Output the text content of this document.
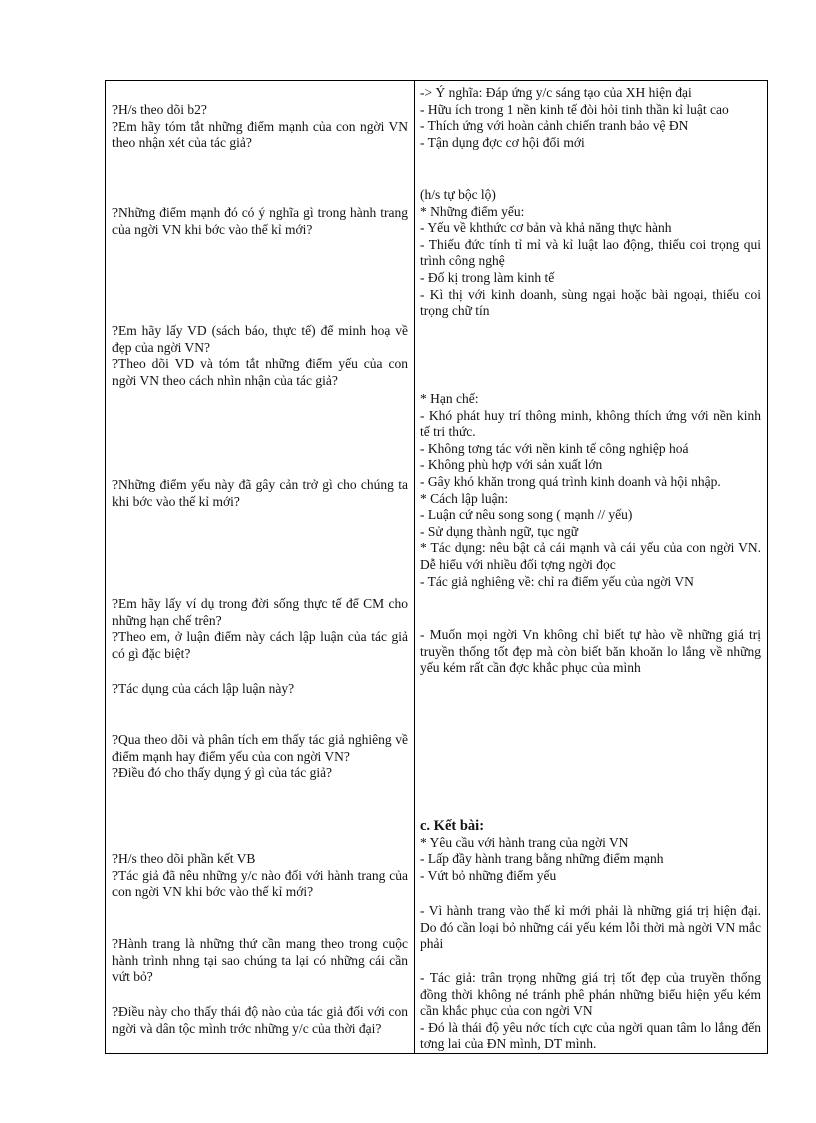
?H/s theo dõi b2?

?Em hãy tóm tắt những điểm mạnh của con ngời VN theo nhận xét của tác giả?

?Những điểm mạnh đó có ý nghĩa gì trong hành trang của ngời VN khi bớc vào thế kỉ mới?

?Em hãy lấy VD (sách báo, thực tế) để minh hoạ về đẹp của ngời VN?

?Theo dõi VD và tóm tắt những điểm yếu của con ngời VN theo cách nhìn nhận của tác giả?

?Những điểm yếu này đã gây cản trở gì cho chúng ta khi bớc vào thế kỉ mới?

?Em hãy lấy ví dụ trong đời sống thực tế để CM cho những hạn chế trên?

?Theo em, ở luận điểm này cách lập luận của tác giả có gì đặc biệt?

?Tác dụng của cách lập luận này?

?Qua theo dõi và phân tích em thấy tác giả nghiêng về điểm mạnh hay điểm yếu của con ngời VN?

?Điều đó cho thấy dụng ý gì của tác giả?

?H/s theo dõi phần kết VB

?Tác giả đã nêu những y/c nào đối với hành trang của con ngời VN khi bớc vào thế kỉ mới?

?Hành trang là những thứ cần mang theo trong cuộc hành trình nhng tại sao chúng ta lại có những cái cần vứt bỏ?

?Điều này cho thấy thái độ nào của tác giả đối với con ngời và dân tộc mình trớc những y/c của thời đại?

-> Ý nghĩa: Đáp ứng y/c sáng tạo của XH hiện đại

- Hữu ích trong 1 nền kinh tế đòi hỏi tinh thần kỉ luật cao

- Thích ứng với hoàn cảnh chiến tranh bảo vệ ĐN

- Tận dụng đợc cơ hội đổi mới

(h/s tự bộc lộ)

* Những điểm yếu:

- Yếu về khthức cơ bản và khả năng thực hành

- Thiếu đức tính tỉ mỉ và kỉ luật lao động, thiếu coi trọng qui trình công nghệ

- Đố kị trong làm kinh tế

- Kì thị với kinh doanh, sùng ngại hoặc bài ngoại, thiếu coi trọng chữ tín

* Hạn chế:

- Khó phát huy trí thông minh, không thích ứng với nền kinh tế tri thức.

- Không tơng tác với nền kinh tế công nghiệp hoá

- Không phù hợp với sản xuất lớn

- Gây khó khăn trong quá trình kinh doanh và hội nhập.

* Cách lập luận:

- Luận cứ nêu song song ( mạnh // yếu)

- Sử dụng thành ngữ, tục ngữ

* Tác dụng: nêu bật cả cái mạnh và cái yếu của con ngời VN. Dễ hiểu với nhiều đối tợng ngời đọc

- Tác giả nghiêng về: chỉ ra điểm yếu của ngời VN

- Muốn mọi ngời Vn không chỉ biết tự hào về những giá trị truyền thống tốt đẹp mà còn biết băn khoăn lo lắng về những yếu kém rất cần đợc khắc phục của mình

c. Kết bài:

* Yêu cầu với hành trang của ngời VN

- Lấp đầy hành trang bằng những điểm mạnh

- Vứt bỏ những điểm yếu

- Vì hành trang vào thế kỉ mới phải là những giá trị hiện đại. Do đó cần loại bỏ những cái yếu kém lỗi thời mà ngời VN mắc phải

- Tác giả: trân trọng những giá trị tốt đẹp của truyền thống đồng thời không né tránh phê phán những biểu hiện yếu kém cần khắc phục của con ngời VN

- Đó là thái độ yêu nớc tích cực của ngời quan tâm lo lắng đến tơng lai của ĐN mình, DT mình.
